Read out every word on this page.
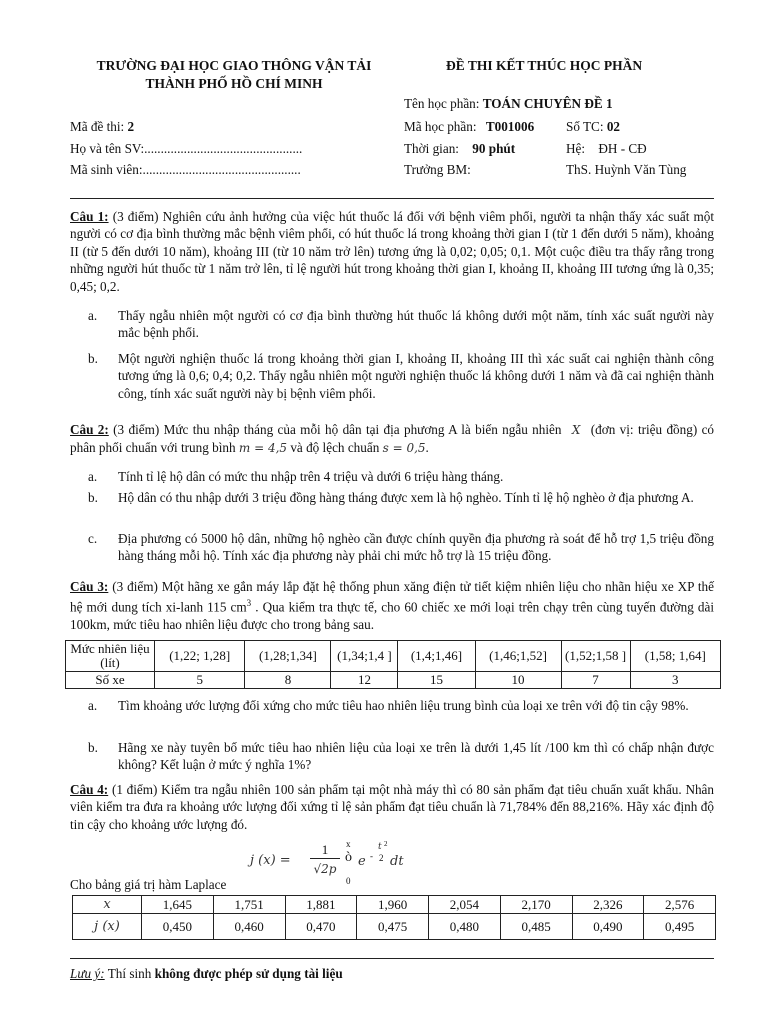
TRƯỜNG ĐẠI HỌC GIAO THÔNG VẬN TẢI
THÀNH PHỐ HỒ CHÍ MINH
ĐỀ THI KẾT THÚC HỌC PHẦN
Tên học phần: TOÁN CHUYÊN ĐỀ 1
Mã đề thi: 2	Mã học phần: T001006 Số TC: 02
Họ và tên SV:................................................	Thời gian: 90 phút	Hệ: ĐH - CĐ
Mã sinh viên:................................................	Trưởng BM:	ThS. Huỳnh Văn Tùng
Câu 1: (3 điểm) Nghiên cứu ảnh hưởng của việc hút thuốc lá đối với bệnh viêm phổi, người ta nhận thấy xác suất một người có cơ địa bình thường mắc bệnh viêm phổi, có hút thuốc lá trong khoảng thời gian I (từ 1 đến dưới 5 năm), khoảng II (từ 5 đến dưới 10 năm), khoảng III (từ 10 năm trở lên) tương ứng là 0,02; 0,05; 0,1. Một cuộc điều tra thấy rằng trong những người hút thuốc từ 1 năm trở lên, tỉ lệ người hút trong khoảng thời gian I, khoảng II, khoảng III tương ứng là 0,35; 0,45; 0,2.
a.	Thấy ngẫu nhiên một người có cơ địa bình thường hút thuốc lá không dưới một năm, tính xác suất người này mắc bệnh phổi.
b.	Một người nghiện thuốc lá trong khoảng thời gian I, khoảng II, khoảng III thì xác suất cai nghiện thành công tương ứng là 0,6; 0,4; 0,2. Thấy ngẫu nhiên một người nghiện thuốc lá không dưới 1 năm và đã cai nghiện thành công, tính xác suất người này bị bệnh viêm phổi.
Câu 2: (3 điểm) Mức thu nhập tháng của mỗi hộ dân tại địa phương A là biến ngẫu nhiên X (đơn vị: triệu đồng) có phân phối chuẩn với trung bình m = 4,5 và độ lệch chuẩn s = 0,5.
a.	Tính tỉ lệ hộ dân có mức thu nhập trên 4 triệu và dưới 6 triệu hàng tháng.
b.	Hộ dân có thu nhập dưới 3 triệu đồng hàng tháng được xem là hộ nghèo. Tính tỉ lệ hộ nghèo ở địa phương A.
c.	Địa phương có 5000 hộ dân, những hộ nghèo cần được chính quyền địa phương rà soát để hỗ trợ 1,5 triệu đồng hàng tháng mỗi hộ. Tính xác địa phương này phải chi mức hỗ trợ là 15 triệu đồng.
Câu 3: (3 điểm) Một hãng xe gắn máy lắp đặt hệ thống phun xăng điện tử tiết kiệm nhiên liệu cho nhãn hiệu xe XP thế hệ mới dung tích xi-lanh 115 $cm^3$ . Qua kiểm tra thực tế, cho 60 chiếc xe mới loại trên chạy trên cùng tuyến đường dài 100km, mức tiêu hao nhiên liệu được cho trong bảng sau.
Mức nhiên liệu (lít)	(1,22; 1,28]	(1,28;1,34]	(1,34;1,4 ]	(1,4;1,46]	(1,46;1,52]	(1,52;1,58 ]	(1,58; 1,64]
Số xe	5	8	12	15	10	7	3
a.	Tìm khoảng ước lượng đối xứng cho mức tiêu hao nhiên liệu trung bình của loại xe trên với độ tin cậy 98%.
b.	Hãng xe này tuyên bố mức tiêu hao nhiên liệu của loại xe trên là dưới 1,45 lít /100 km thì có chấp nhận được không? Kết luận ở mức ý nghĩa 1%?
Câu 4: (1 điểm) Kiểm tra ngẫu nhiên 100 sản phẩm tại một nhà máy thì có 80 sản phẩm đạt tiêu chuẩn xuất khẩu. Nhân viên kiểm tra đưa ra khoảng ước lượng đối xứng tỉ lệ sản phẩm đạt tiêu chuẩn là 71,784% đến 88,216%. Hãy xác định độ tin cậy cho khoảng ước lượng đó.
j (x) =
1
√2p
ò
x
0
e -
t 2
2 dt
Cho bảng giá trị hàm Laplace
x	1,645	1,751	1,881	1,960	2,054	2,170	2,326	2,576
j (x)	0,450	0,460	0,470	0,475	0,480	0,485	0,490	0,495
Lưu ý: Thí sinh không được phép sử dụng tài liệu
